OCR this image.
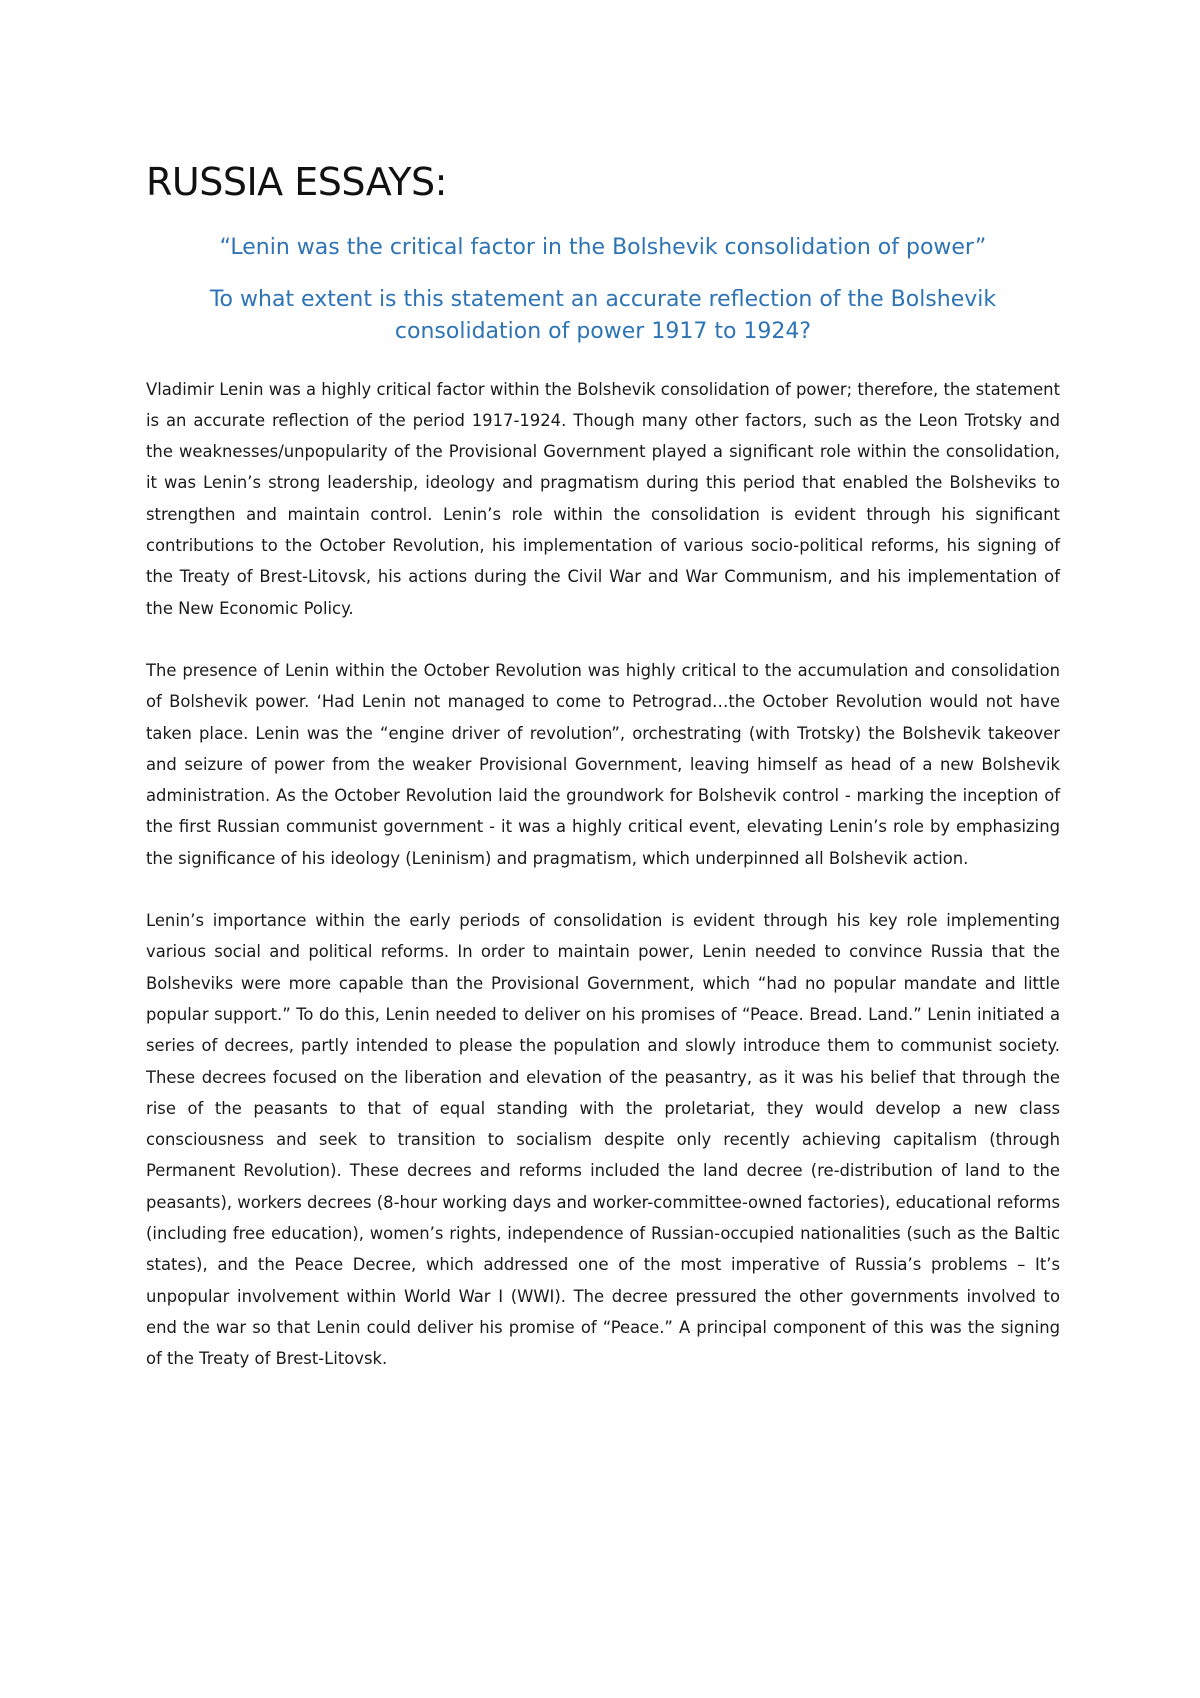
RUSSIA ESSAYS:

“Lenin was the critical factor in the Bolshevik consolidation of power”

To what extent is this statement an accurate reflection of the Bolshevik consolidation of power 1917 to 1924?

Vladimir Lenin was a highly critical factor within the Bolshevik consolidation of power; therefore, the statement is an accurate reflection of the period 1917-1924. Though many other factors, such as the Leon Trotsky and the weaknesses/unpopularity of the Provisional Government played a significant role within the consolidation, it was Lenin’s strong leadership, ideology and pragmatism during this period that enabled the Bolsheviks to strengthen and maintain control. Lenin’s role within the consolidation is evident through his significant contributions to the October Revolution, his implementation of various socio-political reforms, his signing of the Treaty of Brest-Litovsk, his actions during the Civil War and War Communism, and his implementation of the New Economic Policy.

The presence of Lenin within the October Revolution was highly critical to the accumulation and consolidation of Bolshevik power. ‘Had Lenin not managed to come to Petrograd…the October Revolution would not have taken place. Lenin was the “engine driver of revolution”, orchestrating (with Trotsky) the Bolshevik takeover and seizure of power from the weaker Provisional Government, leaving himself as head of a new Bolshevik administration. As the October Revolution laid the groundwork for Bolshevik control - marking the inception of the first Russian communist government - it was a highly critical event, elevating Lenin’s role by emphasizing the significance of his ideology (Leninism) and pragmatism, which underpinned all Bolshevik action.

Lenin’s importance within the early periods of consolidation is evident through his key role implementing various social and political reforms. In order to maintain power, Lenin needed to convince Russia that the Bolsheviks were more capable than the Provisional Government, which “had no popular mandate and little popular support.” To do this, Lenin needed to deliver on his promises of “Peace. Bread. Land.” Lenin initiated a series of decrees, partly intended to please the population and slowly introduce them to communist society. These decrees focused on the liberation and elevation of the peasantry, as it was his belief that through the rise of the peasants to that of equal standing with the proletariat, they would develop a new class consciousness and seek to transition to socialism despite only recently achieving capitalism (through Permanent Revolution). These decrees and reforms included the land decree (re-distribution of land to the peasants), workers decrees (8-hour working days and worker-committee-owned factories), educational reforms (including free education), women’s rights, independence of Russian-occupied nationalities (such as the Baltic states), and the Peace Decree, which addressed one of the most imperative of Russia’s problems – It’s unpopular involvement within World War I (WWI). The decree pressured the other governments involved to end the war so that Lenin could deliver his promise of “Peace.” A principal component of this was the signing of the Treaty of Brest-Litovsk.
